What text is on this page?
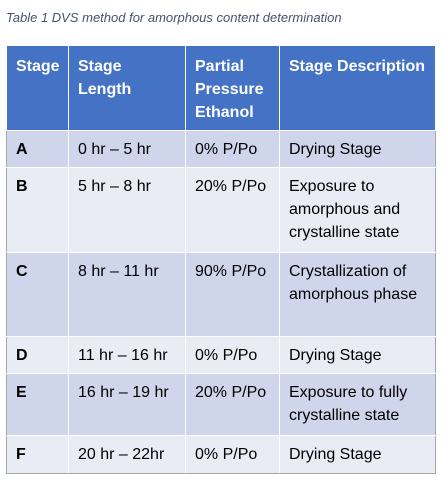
Table 1 DVS method for amorphous content determination
Stage	Stage Length	Partial Pressure Ethanol	Stage Description
A	0 hr – 5 hr	0% P/Po	Drying Stage
B	5 hr – 8 hr	20% P/Po	Exposure to amorphous and crystalline state
C	8 hr – 11 hr	90% P/Po	Crystallization of amorphous phase
D	11 hr – 16 hr	0% P/Po	Drying Stage
E	16 hr – 19 hr	20% P/Po	Exposure to fully crystalline state
F	20 hr – 22hr	0% P/Po	Drying Stage
